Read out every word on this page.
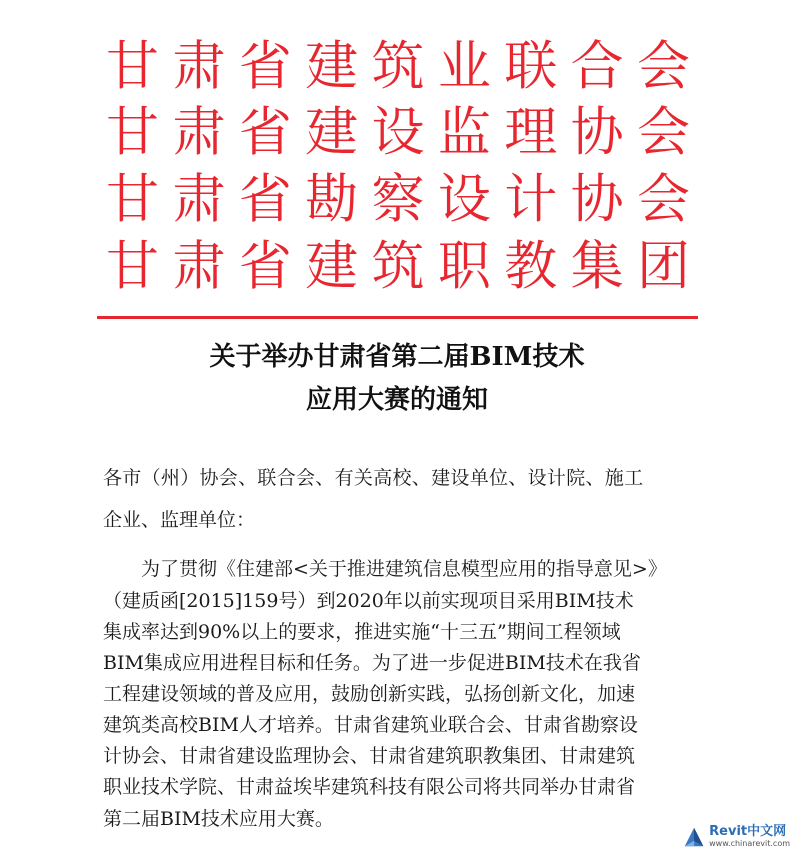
甘 肃 省 建 筑 业 联 合 会
甘 肃 省 建 设 监 理 协 会
甘 肃 省 勘 察 设 计 协 会
甘 肃 省 建 筑 职 教 集 团
关于举办甘肃省第二届BIM技术
应用大赛的通知
各市（州）协会、联合会、有关高校、建设单位、设计院、施工
企业、监理单位：
为了贯彻《住建部<关于推进建筑信息模型应用的指导意见>》
（建质函[2015]159号）到2020年以前实现项目采用BIM技术
集成率达到90%以上的要求，推进实施“十三五”期间工程领域
BIM集成应用进程目标和任务。为了进一步促进BIM技术在我省
工程建设领域的普及应用，鼓励创新实践，弘扬创新文化，加速
建筑类高校BIM人才培养。甘肃省建筑业联合会、甘肃省勘察设
计协会、甘肃省建设监理协会、甘肃省建筑职教集团、甘肃建筑
职业技术学院、甘肃益埃毕建筑科技有限公司将共同举办甘肃省
第二届BIM技术应用大赛。
Revit中文网
www.chinarevit.com
